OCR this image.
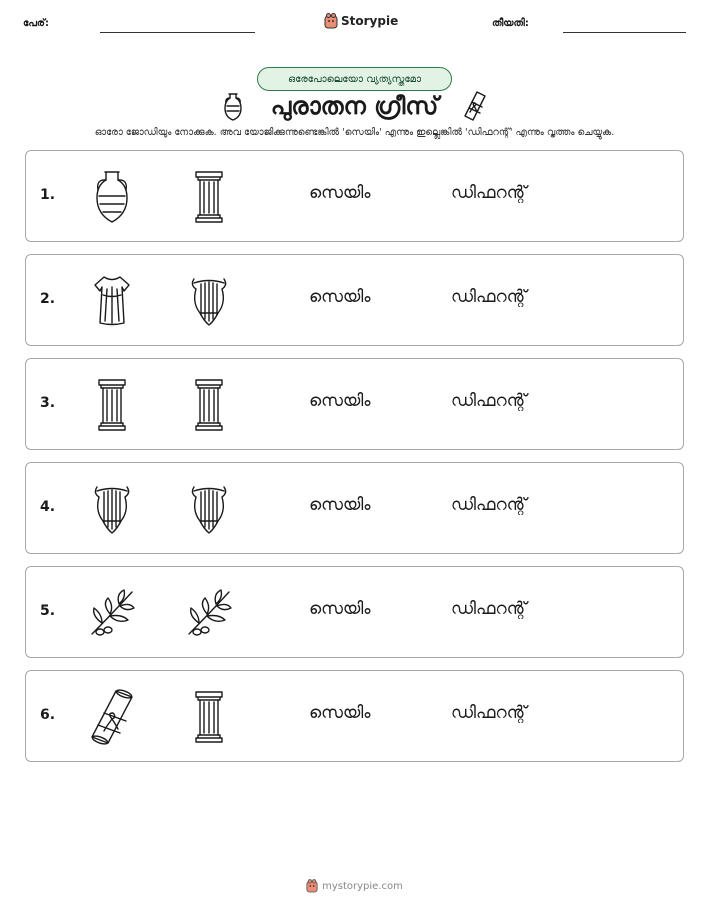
പേര്:	Storypie	തീയതി:
ഒരേപോലെയോ വ്യത്യസ്തമോ
പുരാതന ഗ്രീസ്
ഓരോ ജോഡിയും നോക്കുക. അവ യോജിക്കുന്നുണ്ടെങ്കിൽ 'സെയിം' എന്നും ഇല്ലെങ്കിൽ 'ഡിഫറന്റ്' എന്നും വൃത്തം ചെയ്യുക.
1.	സെയിം	ഡിഫറന്റ്
2.	സെയിം	ഡിഫറന്റ്
3.	സെയിം	ഡിഫറന്റ്
4.	സെയിം	ഡിഫറന്റ്
5.	സെയിം	ഡിഫറന്റ്
6.	സെയിം	ഡിഫറന്റ്
mystorypie.com
